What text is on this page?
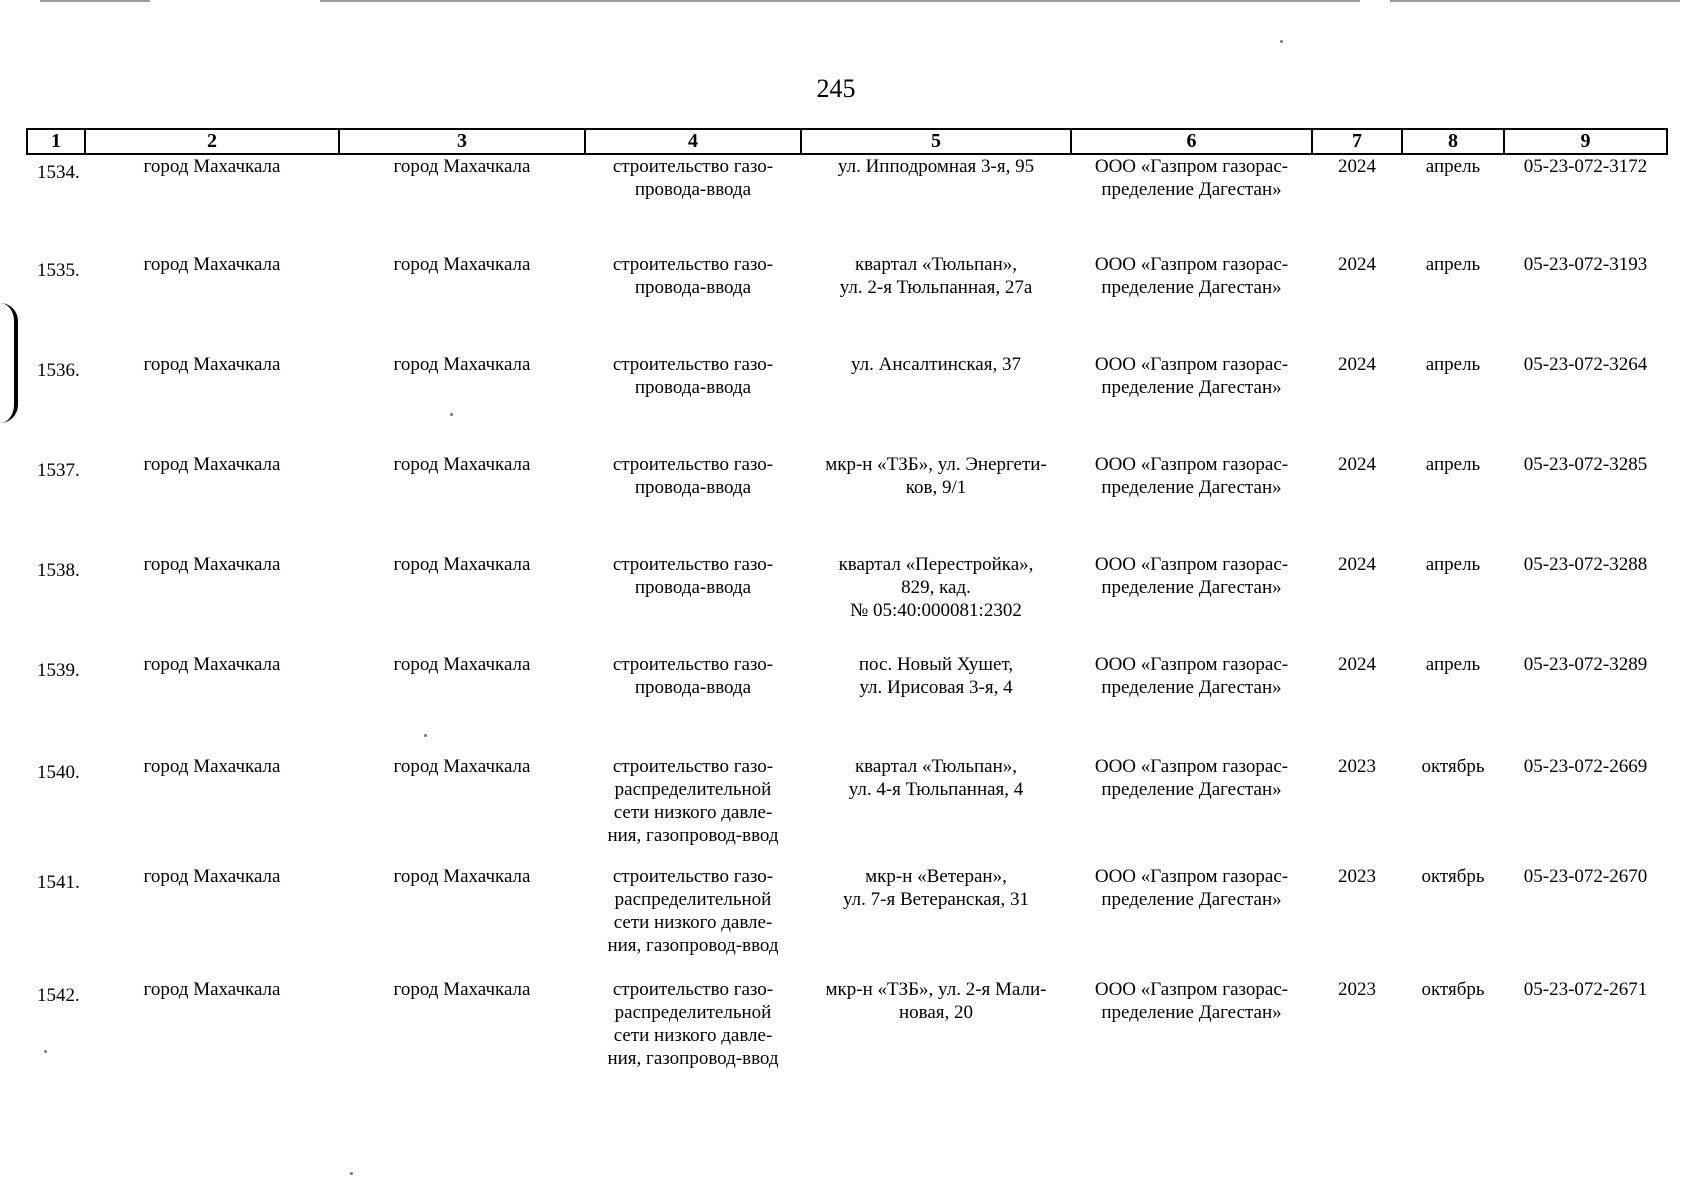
245
1	2	3	4	5	6	7	8	9
1534.	город Махачкала	город Махачкала	строительство газо-
провода-ввода	ул. Ипподромная 3-я, 95	ООО «Газпром газорас-
пределение Дагестан»	2024	апрель	05-23-072-3172
1535.	город Махачкала	город Махачкала	строительство газо-
провода-ввода	квартал «Тюльпан»,
ул. 2-я Тюльпанная, 27а	ООО «Газпром газорас-
пределение Дагестан»	2024	апрель	05-23-072-3193
1536.	город Махачкала	город Махачкала	строительство газо-
провода-ввода	ул. Ансалтинская, 37	ООО «Газпром газорас-
пределение Дагестан»	2024	апрель	05-23-072-3264
1537.	город Махачкала	город Махачкала	строительство газо-
провода-ввода	мкр-н «ТЗБ», ул. Энергети-
ков, 9/1	ООО «Газпром газорас-
пределение Дагестан»	2024	апрель	05-23-072-3285
1538.	город Махачкала	город Махачкала	строительство газо-
провода-ввода	квартал «Перестройка»,
829, кад.
№ 05:40:000081:2302	ООО «Газпром газорас-
пределение Дагестан»	2024	апрель	05-23-072-3288
1539.	город Махачкала	город Махачкала	строительство газо-
провода-ввода	пос. Новый Хушет,
ул. Ирисовая 3-я, 4	ООО «Газпром газорас-
пределение Дагестан»	2024	апрель	05-23-072-3289
1540.	город Махачкала	город Махачкала	строительство газо-
распределительной
сети низкого давле-
ния, газопровод-ввод	квартал «Тюльпан»,
ул. 4-я Тюльпанная, 4	ООО «Газпром газорас-
пределение Дагестан»	2023	октябрь	05-23-072-2669
1541.	город Махачкала	город Махачкала	строительство газо-
распределительной
сети низкого давле-
ния, газопровод-ввод	мкр-н «Ветеран»,
ул. 7-я Ветеранская, 31	ООО «Газпром газорас-
пределение Дагестан»	2023	октябрь	05-23-072-2670
1542.	город Махачкала	город Махачкала	строительство газо-
распределительной
сети низкого давле-
ния, газопровод-ввод	мкр-н «ТЗБ», ул. 2-я Мали-
новая, 20	ООО «Газпром газорас-
пределение Дагестан»	2023	октябрь	05-23-072-2671
